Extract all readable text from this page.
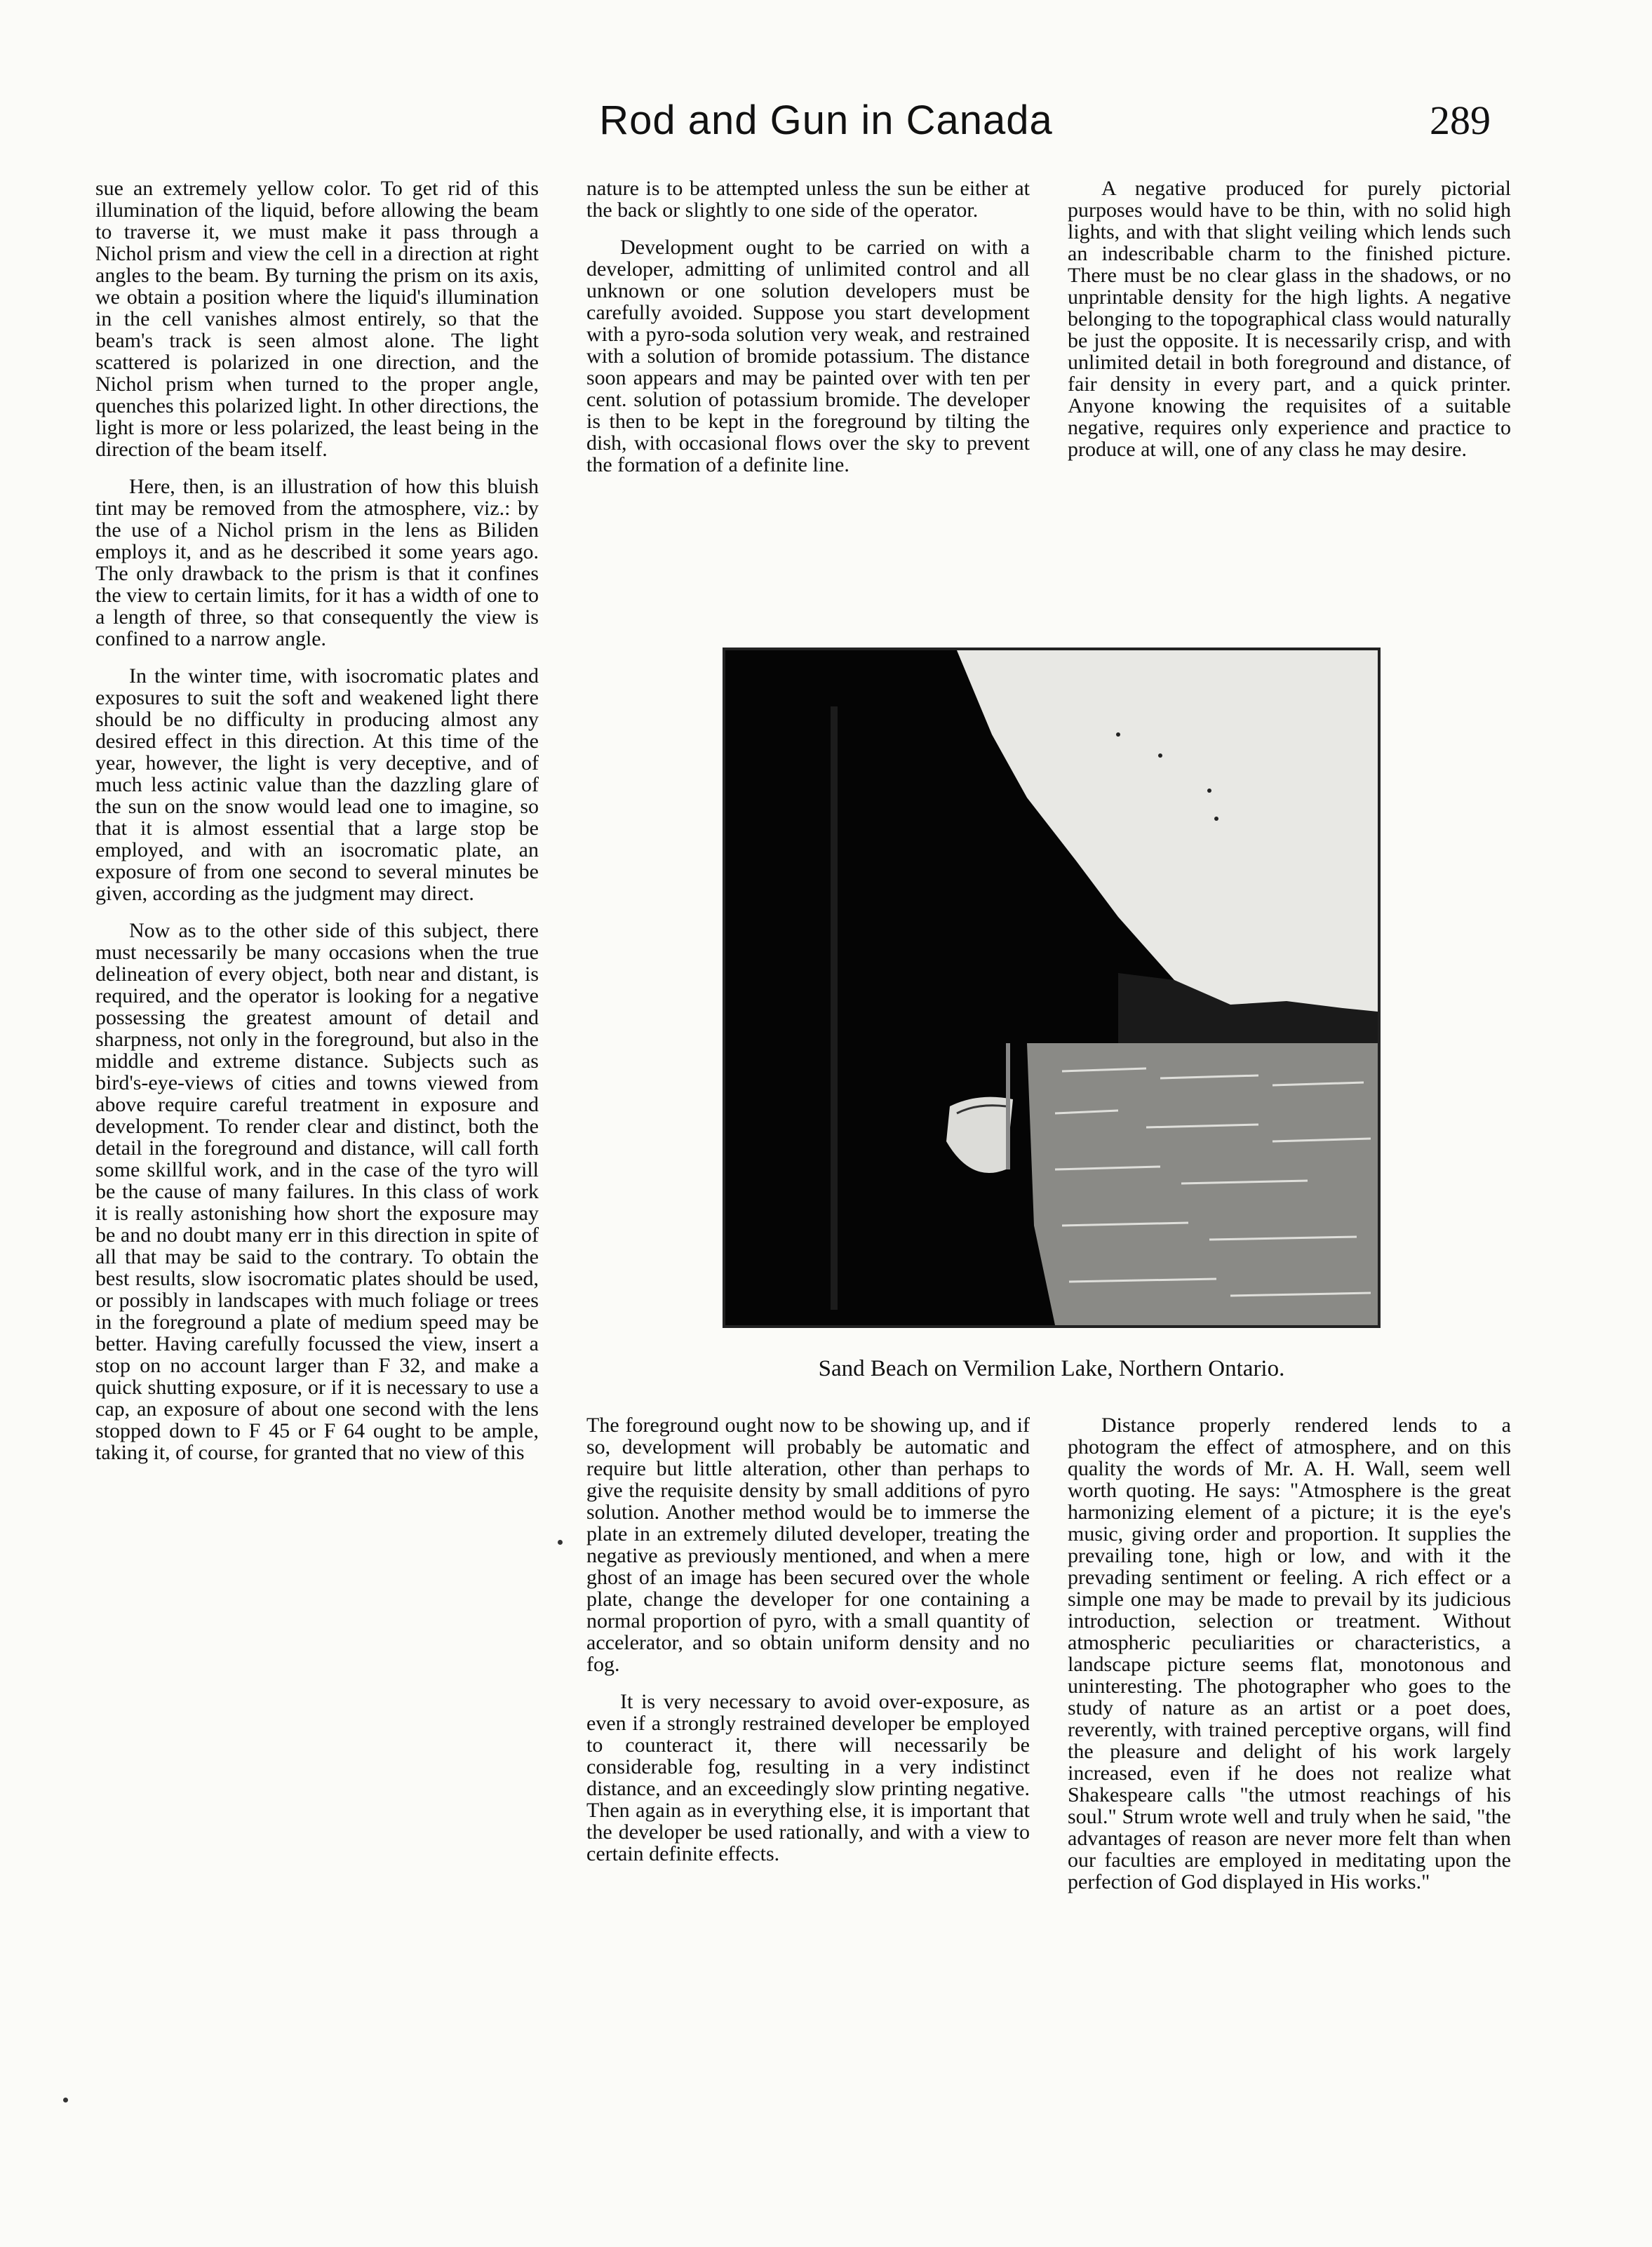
Rod and Gun in Canada	289

sue an extremely yellow color. To get rid of this illumination of the liquid, before allowing the beam to traverse it, we must make it pass through a Nichol prism and view the cell in a direction at right angles to the beam. By turning the prism on its axis, we obtain a position where the liquid's illumination in the cell vanishes almost entirely, so that the beam's track is seen almost alone. The light scattered is polarized in one direction, and the Nichol prism when turned to the proper angle, quenches this polarized light. In other directions, the light is more or less polarized, the least being in the direction of the beam itself.

Here, then, is an illustration of how this bluish tint may be removed from the atmosphere, viz.: by the use of a Nichol prism in the lens as Biliden employs it, and as he described it some years ago. The only drawback to the prism is that it confines the view to certain limits, for it has a width of one to a length of three, so that consequently the view is confined to a narrow angle.

In the winter time, with isocromatic plates and exposures to suit the soft and weakened light there should be no difficulty in producing almost any desired effect in this direction. At this time of the year, however, the light is very deceptive, and of much less actinic value than the dazzling glare of the sun on the snow would lead one to imagine, so that it is almost essential that a large stop be employed, and with an isocromatic plate, an exposure of from one second to several minutes be given, according as the judgment may direct.

Now as to the other side of this subject, there must necessarily be many occasions when the true delineation of every object, both near and distant, is required, and the operator is looking for a negative possessing the greatest amount of detail and sharpness, not only in the foreground, but also in the middle and extreme distance. Subjects such as bird's-eye-views of cities and towns viewed from above require careful treatment in exposure and development. To render clear and distinct, both the detail in the foreground and distance, will call forth some skillful work, and in the case of the tyro will be the cause of many failures. In this class of work it is really astonishing how short the exposure may be and no doubt many err in this direction in spite of all that may be said to the contrary. To obtain the best results, slow isocromatic plates should be used, or possibly in landscapes with much foliage or trees in the foreground a plate of medium speed may be better. Having carefully focussed the view, insert a stop on no account larger than F 32, and make a quick shutting exposure, or if it is necessary to use a cap, an exposure of about one second with the lens stopped down to F 45 or F 64 ought to be ample, taking it, of course, for granted that no view of this

nature is to be attempted unless the sun be either at the back or slightly to one side of the operator.

Development ought to be carried on with a developer, admitting of unlimited control and all unknown or one solution developers must be carefully avoided. Suppose you start development with a pyro-soda solution very weak, and restrained with a solution of bromide potassium. The distance soon appears and may be painted over with ten per cent. solution of potassium bromide. The developer is then to be kept in the foreground by tilting the dish, with occasional flows over the sky to prevent the formation of a definite line.

A negative produced for purely pictorial purposes would have to be thin, with no solid high lights, and with that slight veiling which lends such an indescribable charm to the finished picture. There must be no clear glass in the shadows, or no unprintable density for the high lights. A negative belonging to the topographical class would naturally be just the opposite. It is necessarily crisp, and with unlimited detail in both foreground and distance, of fair density in every part, and a quick printer. Anyone knowing the requisites of a suitable negative, requires only experience and practice to produce at will, one of any class he may desire.

Sand Beach on Vermilion Lake, Northern Ontario.

The foreground ought now to be showing up, and if so, development will probably be automatic and require but little alteration, other than perhaps to give the requisite density by small additions of pyro solution. Another method would be to immerse the plate in an extremely diluted developer, treating the negative as previously mentioned, and when a mere ghost of an image has been secured over the whole plate, change the developer for one containing a normal proportion of pyro, with a small quantity of accelerator, and so obtain uniform density and no fog.

It is very necessary to avoid over-exposure, as even if a strongly restrained developer be employed to counteract it, there will necessarily be considerable fog, resulting in a very indistinct distance, and an exceedingly slow printing negative. Then again as in everything else, it is important that the developer be used rationally, and with a view to certain definite effects.

Distance properly rendered lends to a photogram the effect of atmosphere, and on this quality the words of Mr. A. H. Wall, seem well worth quoting. He says: "Atmosphere is the great harmonizing element of a picture; it is the eye's music, giving order and proportion. It supplies the prevailing tone, high or low, and with it the prevading sentiment or feeling. A rich effect or a simple one may be made to prevail by its judicious introduction, selection or treatment. Without atmospheric peculiarities or characteristics, a landscape picture seems flat, monotonous and uninteresting. The photographer who goes to the study of nature as an artist or a poet does, reverently, with trained perceptive organs, will find the pleasure and delight of his work largely increased, even if he does not realize what Shakespeare calls "the utmost reachings of his soul." Strum wrote well and truly when he said, "the advantages of reason are never more felt than when our faculties are employed in meditating upon the perfection of God displayed in His works."
